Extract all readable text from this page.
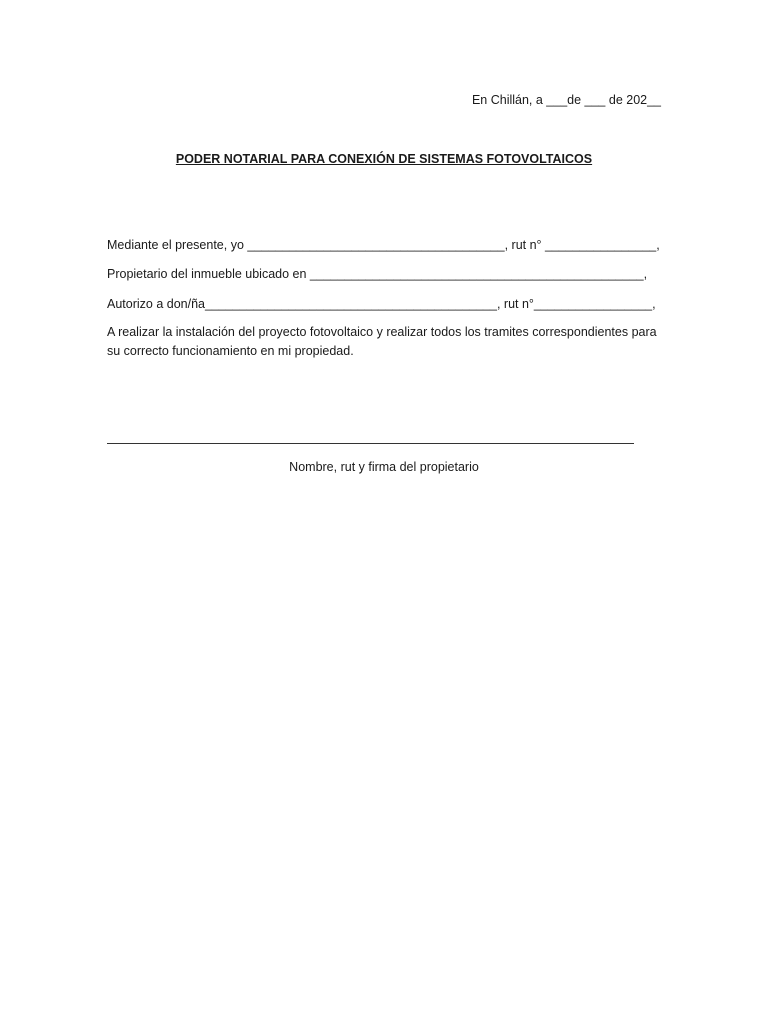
En Chillán, a ___de ___ de 202__
PODER NOTARIAL PARA CONEXIÓN DE SISTEMAS FOTOVOLTAICOS
Mediante el presente, yo _____________________________________, rut n° ________________,
Propietario del inmueble ubicado en ________________________________________________,
Autorizo a don/ña__________________________________________, rut n°_________________,
A realizar la instalación del proyecto fotovoltaico y realizar todos los tramites correspondientes para su correcto funcionamiento en mi propiedad.
Nombre, rut y firma del propietario
